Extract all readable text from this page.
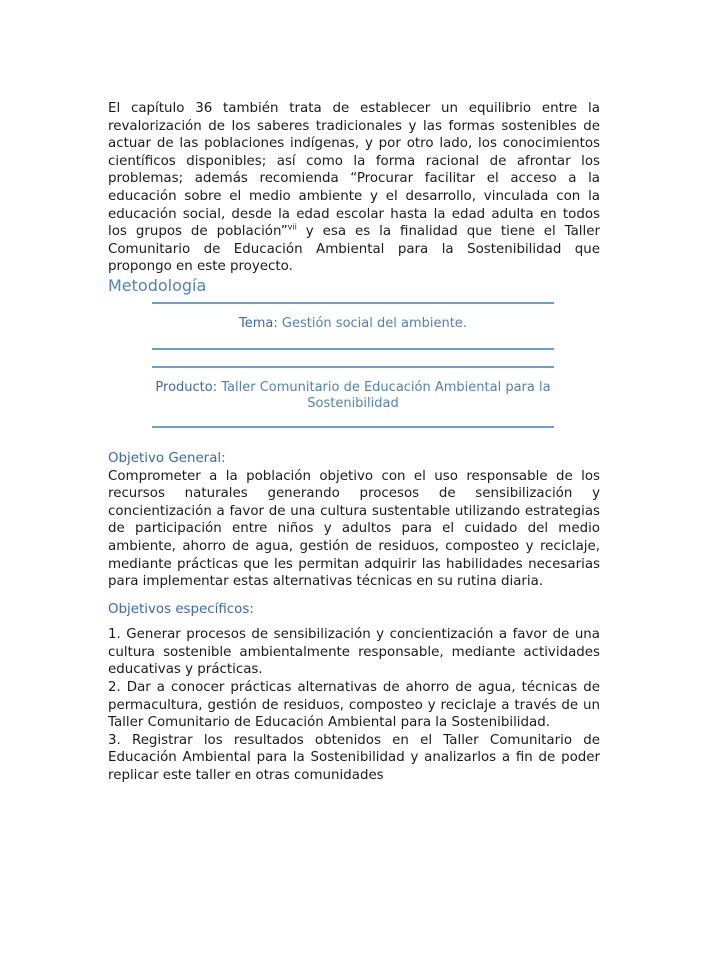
El capítulo 36 también trata de establecer un equilibrio entre la revalorización de los saberes tradicionales y las formas sostenibles de actuar de las poblaciones indígenas, y por otro lado, los conocimientos científicos disponibles; así como la forma racional de afrontar los problemas; además recomienda “Procurar facilitar el acceso a la educación sobre el medio ambiente y el desarrollo, vinculada con la educación social, desde la edad escolar hasta la edad adulta en todos los grupos de población”$^{vii}$ y esa es la finalidad que tiene el Taller Comunitario de Educación Ambiental para la Sostenibilidad que propongo en este proyecto.

Metodología
Tema: Gestión social del ambiente.
Producto: Taller Comunitario de Educación Ambiental para la Sostenibilidad
Objetivo General:

Comprometer a la población objetivo con el uso responsable de los recursos naturales generando procesos de sensibilización y concientización a favor de una cultura sustentable utilizando estrategias de participación entre niños y adultos para el cuidado del medio ambiente, ahorro de agua, gestión de residuos, composteo y reciclaje, mediante prácticas que les permitan adquirir las habilidades necesarias para implementar estas alternativas técnicas en su rutina diaria.

Objetivos específicos:

1. Generar procesos de sensibilización y concientización a favor de una cultura sostenible ambientalmente responsable, mediante actividades educativas y prácticas.

2. Dar a conocer prácticas alternativas de ahorro de agua, técnicas de permacultura, gestión de residuos, composteo y reciclaje a través de un Taller Comunitario de Educación Ambiental para la Sostenibilidad.

3. Registrar los resultados obtenidos en el Taller Comunitario de Educación Ambiental para la Sostenibilidad y analizarlos a fin de poder replicar este taller en otras comunidades
